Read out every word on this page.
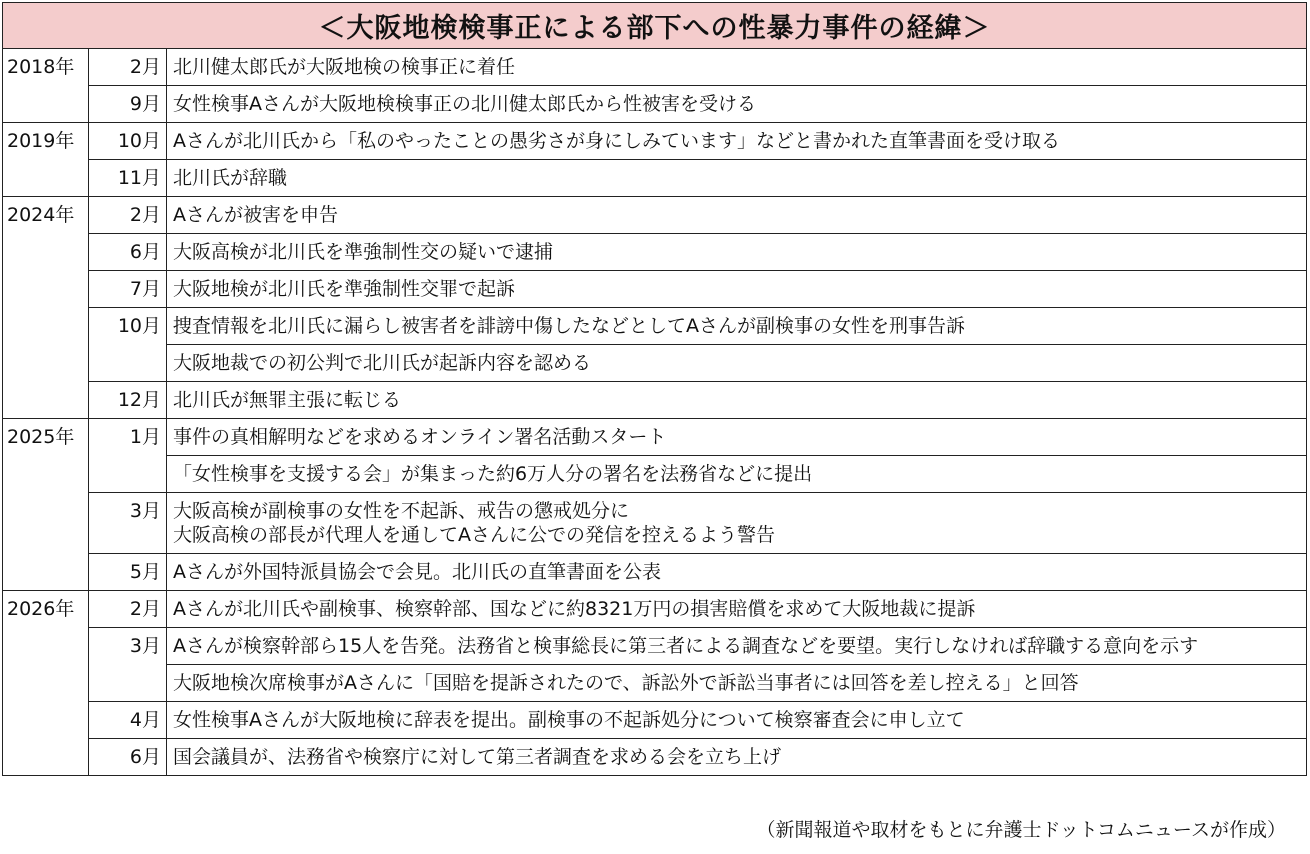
＜大阪地検検事正による部下への性暴力事件の経緯＞		
2018年	2月	北川健太郎氏が大阪地検の検事正に着任
	9月	女性検事Aさんが大阪地検検事正の北川健太郎氏から性被害を受ける
2019年	10月	Aさんが北川氏から「私のやったことの愚劣さが身にしみています」などと書かれた直筆書面を受け取る
	11月	北川氏が辞職
2024年	2月	Aさんが被害を申告
	6月	大阪高検が北川氏を準強制性交の疑いで逮捕
	7月	大阪地検が北川氏を準強制性交罪で起訴
	10月	捜査情報を北川氏に漏らし被害者を誹謗中傷したなどとしてAさんが副検事の女性を刑事告訴
		大阪地裁での初公判で北川氏が起訴内容を認める
	12月	北川氏が無罪主張に転じる
2025年	1月	事件の真相解明などを求めるオンライン署名活動スタート
		「女性検事を支援する会」が集まった約6万人分の署名を法務省などに提出
	3月	大阪高検が副検事の女性を不起訴、戒告の懲戒処分に
大阪高検の部長が代理人を通してAさんに公での発信を控えるよう警告

	5月	Aさんが外国特派員協会で会見。北川氏の直筆書面を公表
2026年	2月	Aさんが北川氏や副検事、検察幹部、国などに約8321万円の損害賠償を求めて大阪地裁に提訴
	3月	Aさんが検察幹部ら15人を告発。法務省と検事総長に第三者による調査などを要望。実行しなければ辞職する意向を示す
		大阪地検次席検事がAさんに「国賠を提訴されたので、訴訟外で訴訟当事者には回答を差し控える」と回答
	4月	女性検事Aさんが大阪地検に辞表を提出。副検事の不起訴処分について検察審査会に申し立て
	6月	国会議員が、法務省や検察庁に対して第三者調査を求める会を立ち上げ
（新聞報道や取材をもとに弁護士ドットコムニュースが作成）
